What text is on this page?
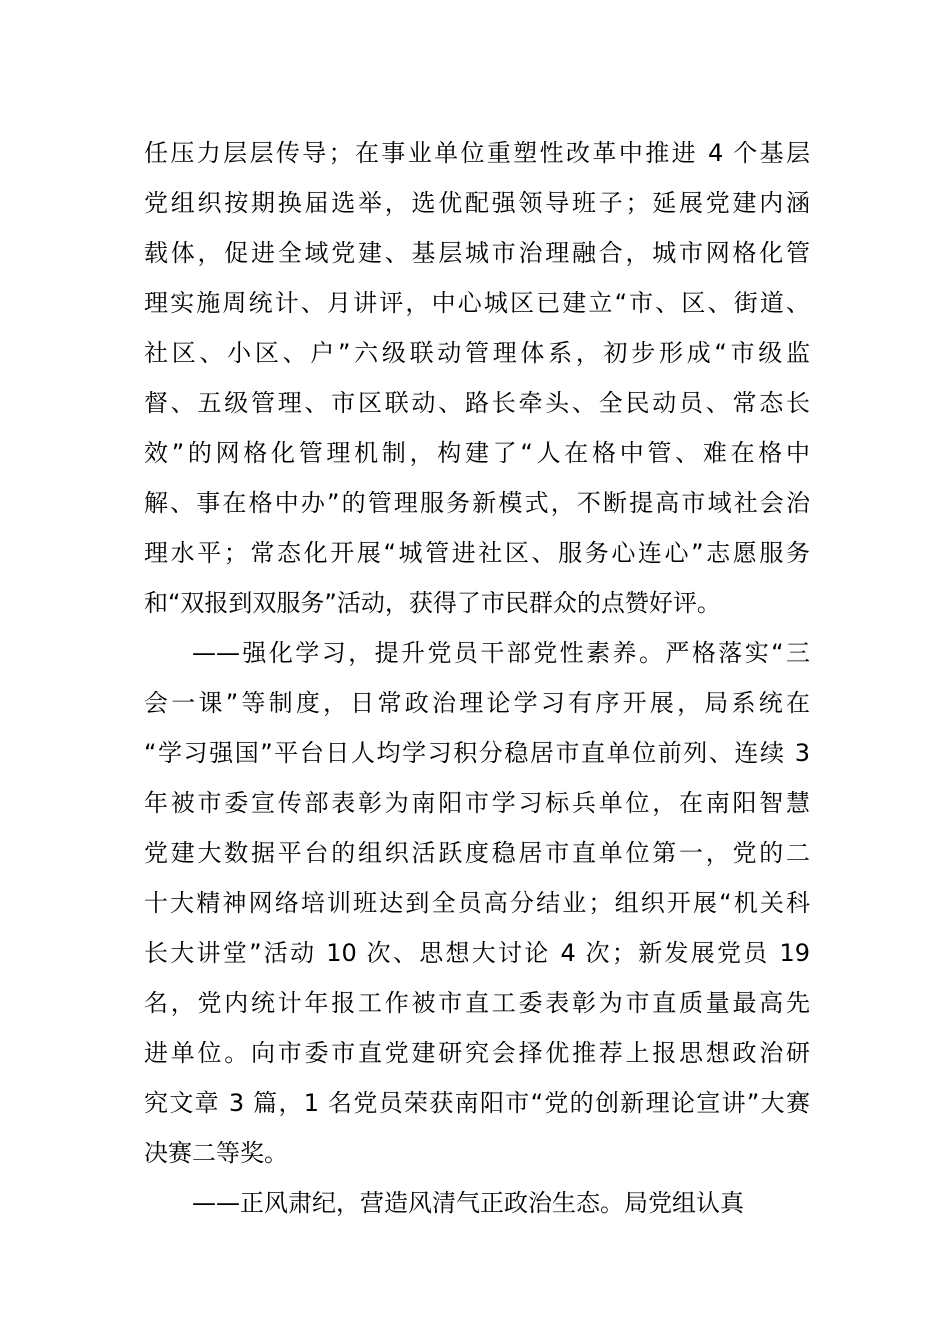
任压力层层传导；在事业单位重塑性改革中推进 4 个基层
党组织按期换届选举，选优配强领导班子；延展党建内涵
载体，促进全域党建、基层城市治理融合，城市网格化管
理实施周统计、月讲评，中心城区已建立“市、区、街道、
社区、小区、户”六级联动管理体系，初步形成“市级监
督、五级管理、市区联动、路长牵头、全民动员、常态长
效”的网格化管理机制，构建了“人在格中管、难在格中
解、事在格中办”的管理服务新模式，不断提高市域社会治
理水平；常态化开展“城管进社区、服务心连心”志愿服务
和“双报到双服务”活动，获得了市民群众的点赞好评。
——强化学习，提升党员干部党性素养。严格落实“三
会一课”等制度，日常政治理论学习有序开展，局系统在
“学习强国”平台日人均学习积分稳居市直单位前列、连续 3
年被市委宣传部表彰为南阳市学习标兵单位，在南阳智慧
党建大数据平台的组织活跃度稳居市直单位第一，党的二
十大精神网络培训班达到全员高分结业；组织开展“机关科
长大讲堂”活动 10 次、思想大讨论 4 次；新发展党员 19
名，党内统计年报工作被市直工委表彰为市直质量最高先
进单位。向市委市直党建研究会择优推荐上报思想政治研
究文章 3 篇，1 名党员荣获南阳市“党的创新理论宣讲”大赛
决赛二等奖。
——正风肃纪，营造风清气正政治生态。局党组认真
